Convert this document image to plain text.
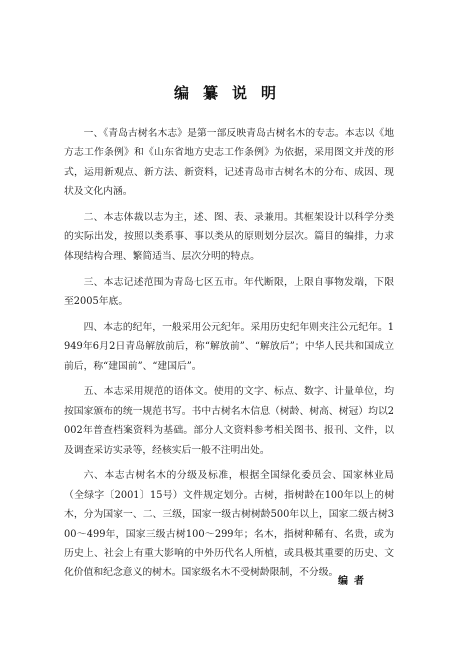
编纂说明

一、《青岛古树名木志》是第一部反映青岛古树名木的专志。本志以《地方志工作条例》和《山东省地方史志工作条例》为依据，采用图文并茂的形式，运用新观点、新方法、新资料，记述青岛市古树名木的分布、成因、现状及文化内涵。

二、本志体裁以志为主，述、图、表、录兼用。其框架设计以科学分类的实际出发，按照以类系事、事以类从的原则划分层次。篇目的编排，力求体现结构合理、繁简适当、层次分明的特点。

三、本志记述范围为青岛七区五市。年代断限，上限自事物发端，下限至2005年底。

四、本志的纪年，一般采用公元纪年。采用历史纪年则夹注公元纪年。1949年6月2日青岛解放前后，称“解放前”、“解放后”；中华人民共和国成立前后，称“建国前”、“建国后”。

五、本志采用规范的语体文。使用的文字、标点、数字、计量单位，均按国家颁布的统一规范书写。书中古树名木信息（树龄、树高、树冠）均以2002年普查档案资料为基础。部分人文资料参考相关图书、报刊、文件，以及调查采访实录等，经核实后一般不注明出处。

六、本志古树名木的分级及标准，根据全国绿化委员会、国家林业局（全绿字〔2001〕15号）文件规定划分。古树，指树龄在100年以上的树木，分为国家一、二、三级，国家一级古树树龄500年以上，国家二级古树300～499年，国家三级古树100～299年；名木，指树种稀有、名贵，或为历史上、社会上有重大影响的中外历代名人所植，或具极其重要的历史、文化价值和纪念意义的树木。国家级名木不受树龄限制，不分级。

编者
